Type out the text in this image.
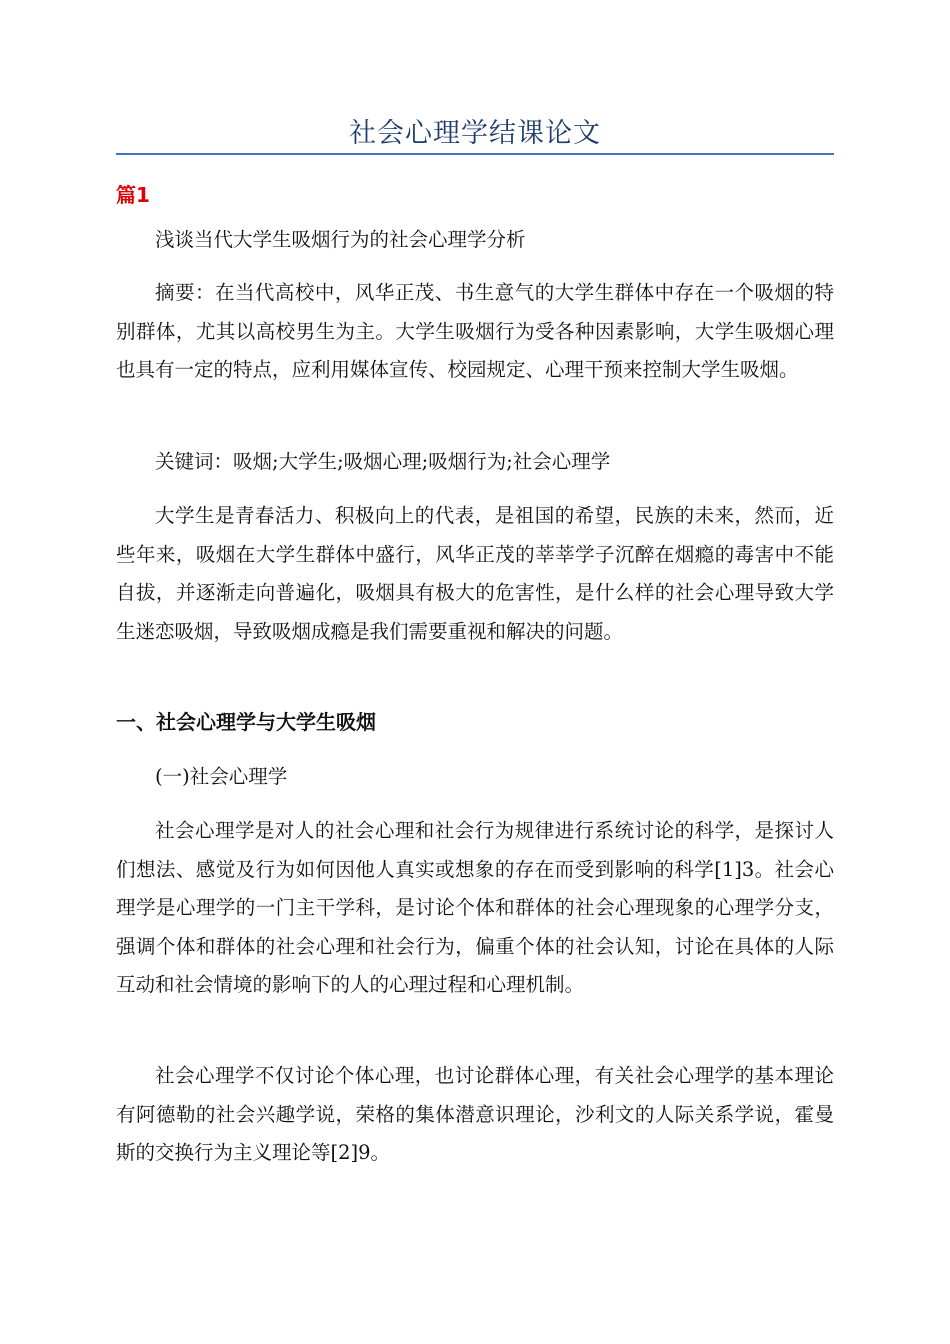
社会心理学结课论文
篇1

浅谈当代大学生吸烟行为的社会心理学分析

摘要：在当代高校中，风华正茂、书生意气的大学生群体中存在一个吸烟的特别群体，尤其以高校男生为主。大学生吸烟行为受各种因素影响，大学生吸烟心理也具有一定的特点，应利用媒体宣传、校园规定、心理干预来控制大学生吸烟。

关键词：吸烟;大学生;吸烟心理;吸烟行为;社会心理学

大学生是青春活力、积极向上的代表，是祖国的希望，民族的未来，然而，近些年来，吸烟在大学生群体中盛行，风华正茂的莘莘学子沉醉在烟瘾的毒害中不能自拔，并逐渐走向普遍化，吸烟具有极大的危害性，是什么样的社会心理导致大学生迷恋吸烟，导致吸烟成瘾是我们需要重视和解决的问题。

一、社会心理学与大学生吸烟

(一)社会心理学

社会心理学是对人的社会心理和社会行为规律进行系统讨论的科学，是探讨人们想法、感觉及行为如何因他人真实或想象的存在而受到影响的科学[1]3。社会心理学是心理学的一门主干学科，是讨论个体和群体的社会心理现象的心理学分支，强调个体和群体的社会心理和社会行为，偏重个体的社会认知，讨论在具体的人际互动和社会情境的影响下的人的心理过程和心理机制。

社会心理学不仅讨论个体心理，也讨论群体心理，有关社会心理学的基本理论有阿德勒的社会兴趣学说，荣格的集体潜意识理论，沙利文的人际关系学说，霍曼斯的交换行为主义理论等[2]9。
